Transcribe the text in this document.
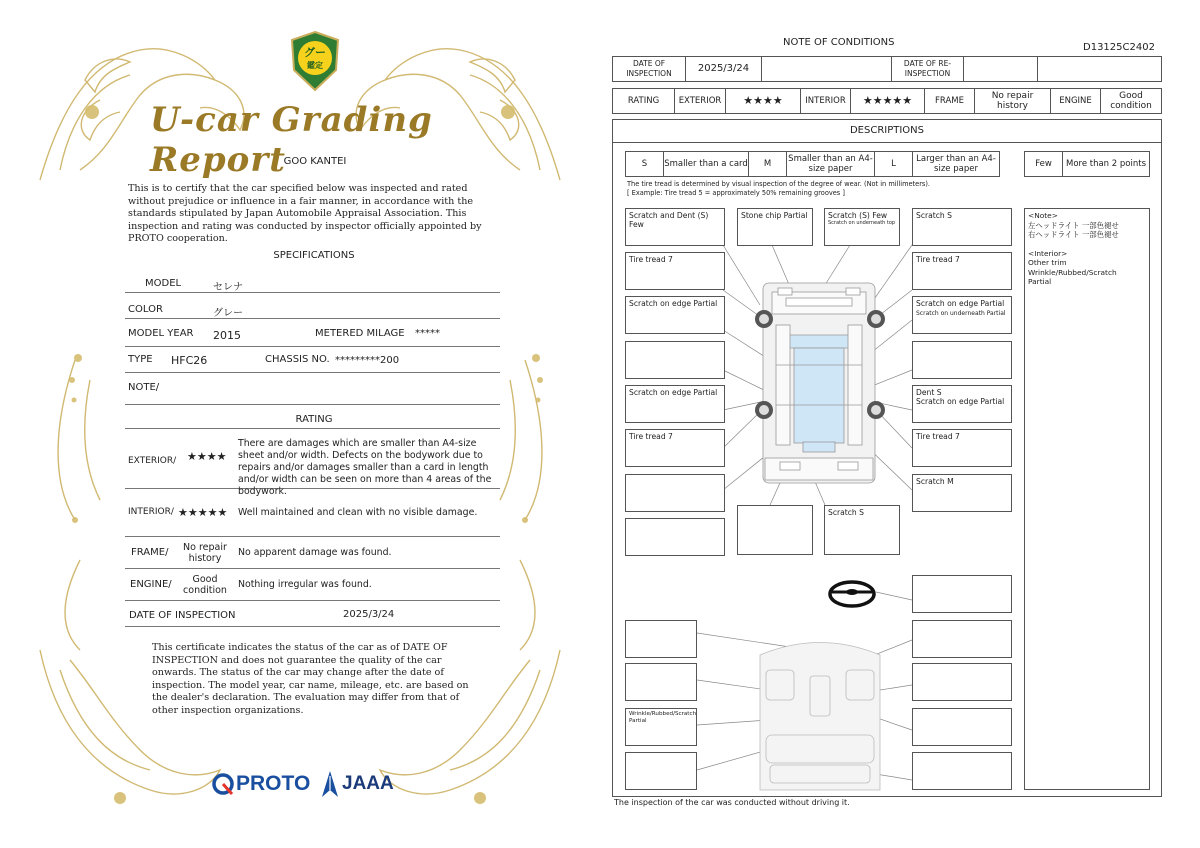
グー
鑑定
U-car Grading Report
GOO KANTEI
This is to certify that the car specified below was inspected and rated without prejudice or influence in a fair manner, in accordance with the standards stipulated by Japan Automobile Appraisal Association. This inspection and rating was conducted by inspector officially appointed by PROTO cooperation.
SPECIFICATIONS
MODEL	セレナ
COLOR	グレー
MODEL YEAR 2015	METERED MILAGE *****
TYPE HFC26	CHASSIS NO. *********200
NOTE/
RATING
EXTERIOR/ ★★★★
There are damages which are smaller than A4-size sheet and/or width. Defects on the bodywork due to repairs and/or damages smaller than a card in length and/or width can be seen on more than 4 areas of the bodywork.
INTERIOR/ ★★★★★ Well maintained and clean with no visible damage.
FRAME/	No repair history
No apparent damage was found.
ENGINE/	Good condition
Nothing irregular was found.
DATE OF INSPECTION	2025/3/24
This certificate indicates the status of the car as of DATE OF INSPECTION and does not guarantee the quality of the car onwards. The status of the car may change after the date of inspection. The model year, car name, mileage, etc. are based on the dealer's declaration. The evaluation may differ from that of other inspection organizations.
PROTO JAAA
NOTE OF CONDITIONS	D13125C2402
DATE OF INSPECTION	2025/3/24	DATE OF RE-INSPECTION
RATING	EXTERIOR	★★★★	INTERIOR	★★★★★	FRAME	No repair history	ENGINE	Good condition
DESCRIPTIONS
S	Smaller than a card	M	Smaller than an A4-size paper	L	Larger than an A4-size paper	Few	More than 2 points
The tire tread is determined by visual inspection of the degree of wear. (Not in millimeters).
[ Example: Tire tread 5 = approximately 50% remaining grooves ]
Scratch and Dent (S) Few
Tire tread 7
Scratch on edge Partial
Scratch on edge Partial
Tire tread 7
Stone chip Partial	Scratch (S) Few
Scratch on underneath top
Scratch S
Tire tread 7
Scratch on edge Partial
Scratch on underneath Partial
Dent S
Scratch on edge Partial
Tire tread 7
Scratch M
Scratch S
Wrinkle/Rubbed/Scratch Partial
<Note>
左ヘッドライト 一部色褪せ
右ヘッドライト 一部色褪せ
<Interior>
Other trim
Wrinkle/Rubbed/Scratch
Partial
The inspection of the car was conducted without driving it.
